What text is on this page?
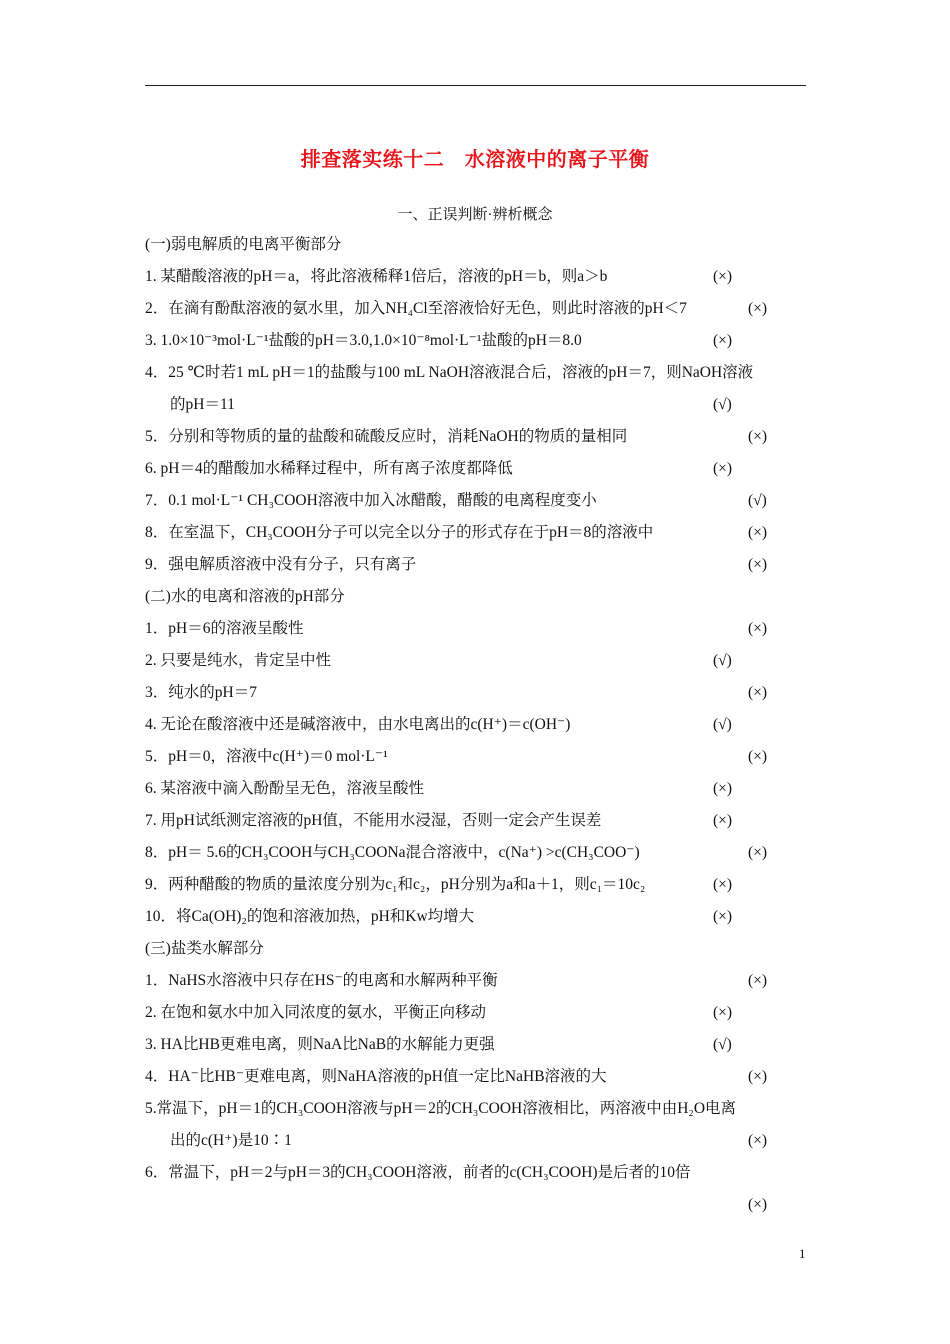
排查落实练十二　水溶液中的离子平衡
一、正误判断·辨析概念
(一)弱电解质的电离平衡部分
1. 某醋酸溶液的pH＝a，将此溶液稀释1倍后，溶液的pH＝b，则a＞b	(×)
2．在滴有酚酞溶液的氨水里，加入NH₄Cl至溶液恰好无色，则此时溶液的pH＜7	(×)
3. 1.0×10⁻³mol·L⁻¹盐酸的pH＝3.0,1.0×10⁻⁸mol·L⁻¹盐酸的pH＝8.0	(×)
4．25 ℃时若1 mL pH＝1的盐酸与100 mL NaOH溶液混合后，溶液的pH＝7，则NaOH溶液
的pH＝11	(√)
5．分别和等物质的量的盐酸和硫酸反应时，消耗NaOH的物质的量相同	(×)
6. pH＝4的醋酸加水稀释过程中，所有离子浓度都降低	(×)
7．0.1 mol·L⁻¹ CH₃COOH溶液中加入冰醋酸，醋酸的电离程度变小	(√)
8．在室温下，CH₃COOH分子可以完全以分子的形式存在于pH＝8的溶液中	(×)
9．强电解质溶液中没有分子，只有离子	(×)
(二)水的电离和溶液的pH部分
1．pH＝6的溶液呈酸性	(×)
2. 只要是纯水，肯定呈中性	(√)
3．纯水的pH＝7	(×)
4. 无论在酸溶液中还是碱溶液中，由水电离出的c(H⁺)＝c(OH⁻)	(√)
5．pH＝0，溶液中c(H⁺)＝0 mol·L⁻¹	(×)
6. 某溶液中滴入酚酚呈无色，溶液呈酸性	(×)
7. 用pH试纸测定溶液的pH值，不能用水浸湿，否则一定会产生误差	(×)
8．pH＝ 5.6的CH₃COOH与CH₃COONa混合溶液中，c(Na⁺) >c(CH₃COO⁻)	(×)
9．两种醋酸的物质的量浓度分别为c₁和c₂，pH分别为a和a＋1，则c₁＝10c₂	(×)
10．将Ca(OH)₂的饱和溶液加热，pH和Kw均增大	(×)
(三)盐类水解部分
1．NaHS水溶液中只存在HS⁻的电离和水解两种平衡	(×)
2. 在饱和氨水中加入同浓度的氨水，平衡正向移动	(×)
3. HA比HB更难电离，则NaA比NaB的水解能力更强	(√)
4．HA⁻比HB⁻更难电离，则NaHA溶液的pH值一定比NaHB溶液的大	(×)
5.常温下，pH＝1的CH₃COOH溶液与pH＝2的CH₃COOH溶液相比，两溶液中由H₂O电离
出的c(H⁺)是10∶1	(×)
6．常温下，pH＝2与pH＝3的CH₃COOH溶液，前者的c(CH₃COOH)是后者的10倍
(×)
1
